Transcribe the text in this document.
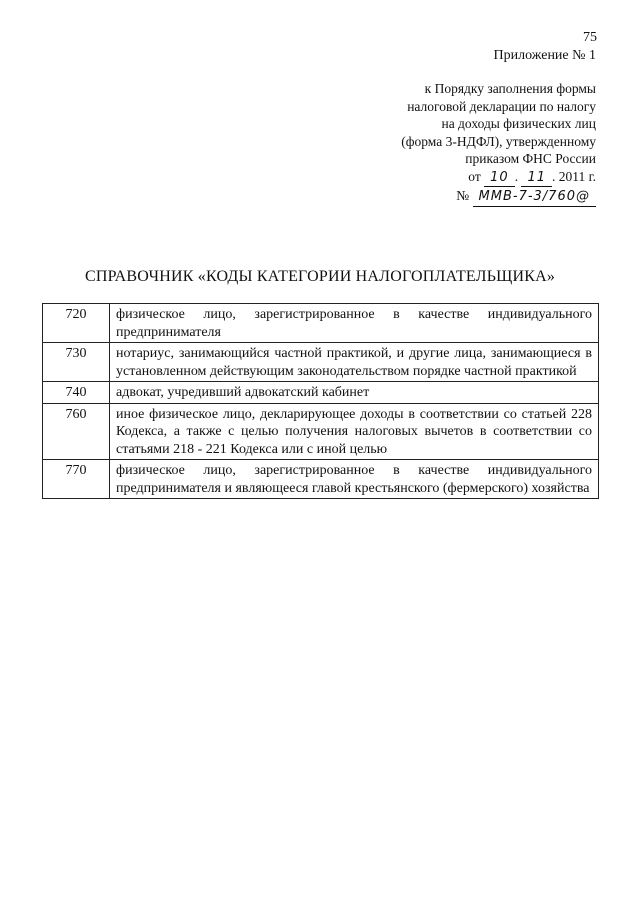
75
Приложение № 1
к Порядку заполнения формы
налоговой декларации по налогу
на доходы физических лиц
(форма 3-НДФЛ), утвержденному
приказом ФНС России
от 10 . 11 . 2011 г.
№ ММВ-7-3/760@
СПРАВОЧНИК «КОДЫ КАТЕГОРИИ НАЛОГОПЛАТЕЛЬЩИКА»
720	физическое лицо, зарегистрированное в качестве индивидуального предпринимателя
730	нотариус, занимающийся частной практикой, и другие лица, занимающиеся в установленном действующим законодательством порядке частной практикой
740	адвокат, учредивший адвокатский кабинет
760	иное физическое лицо, декларирующее доходы в соответствии со статьей 228 Кодекса, а также с целью получения налоговых вычетов в соответствии со статьями 218 - 221 Кодекса или с иной целью
770	физическое лицо, зарегистрированное в качестве индивидуального предпринимателя и являющееся главой крестьянского (фермерского) хозяйства
